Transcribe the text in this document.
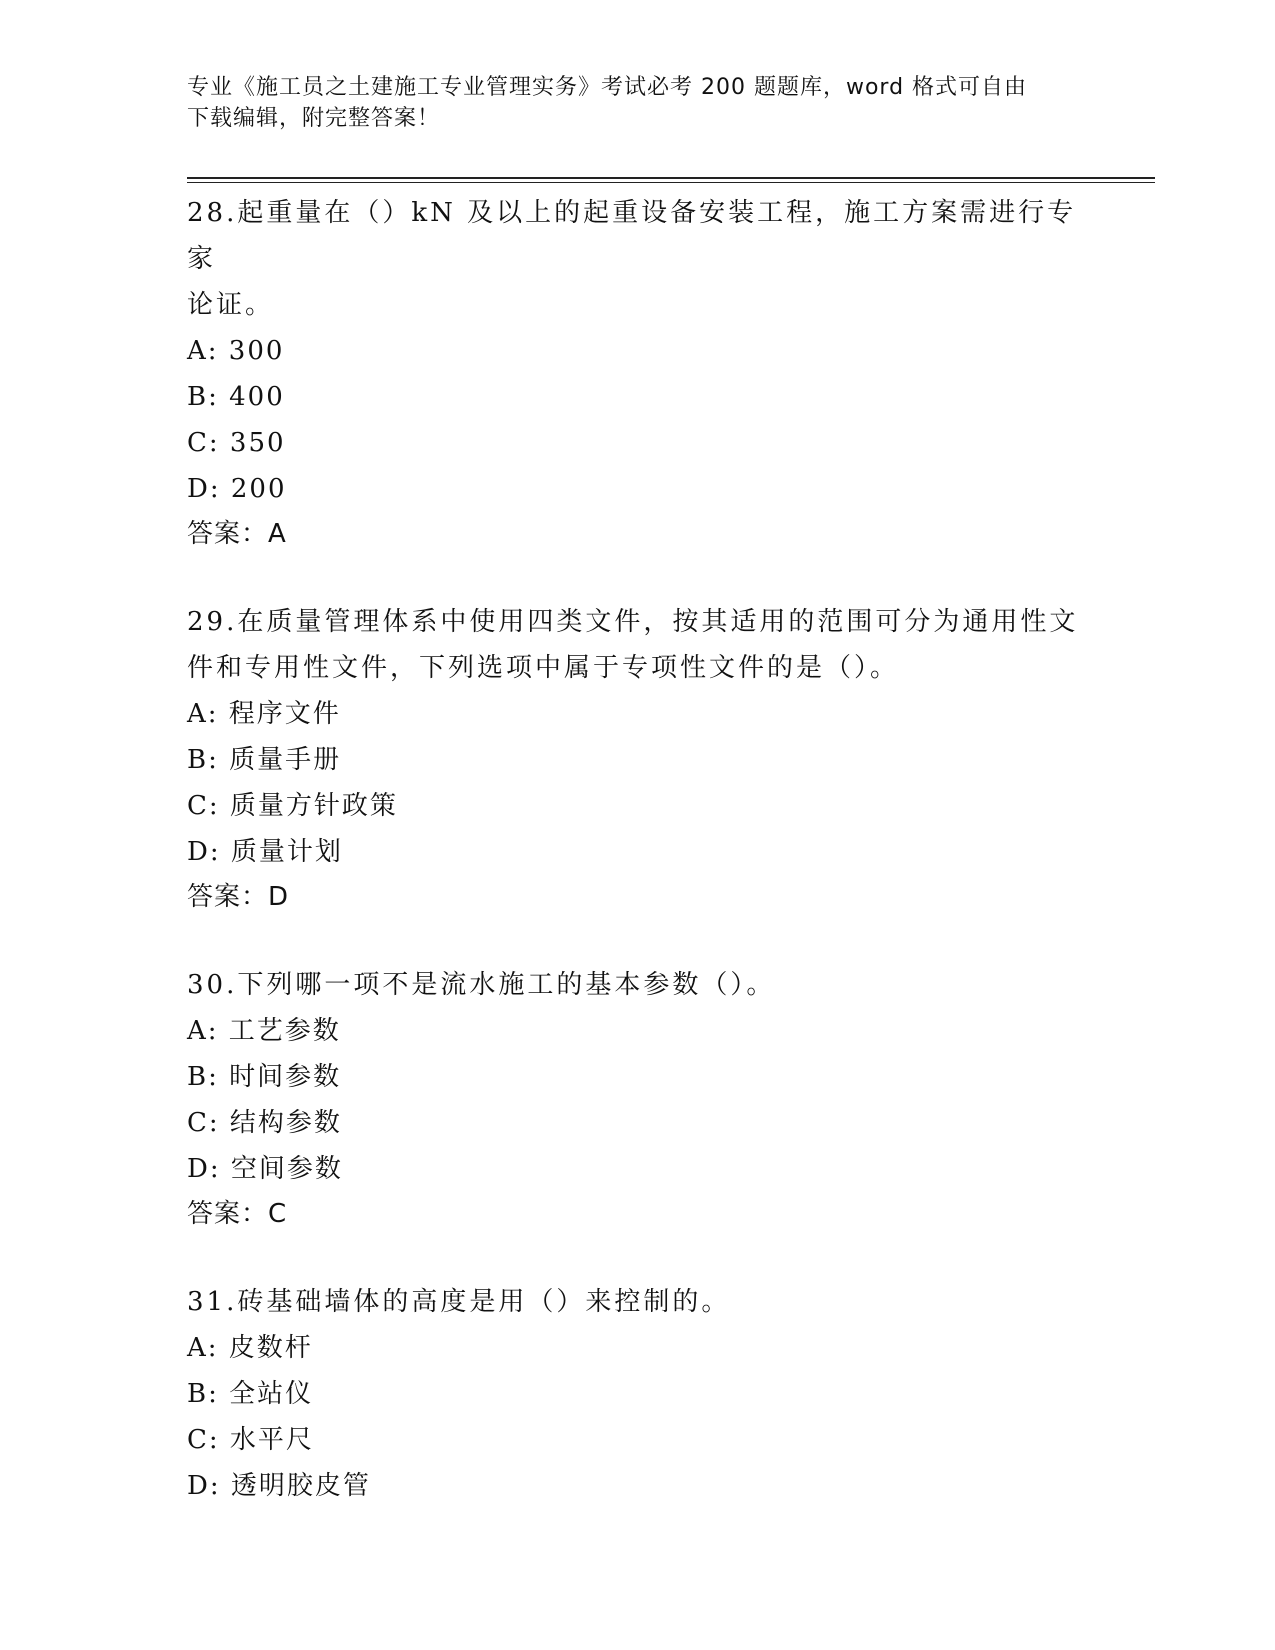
专业《施工员之土建施工专业管理实务》考试必考 200 题题库，word 格式可自由
下载编辑，附完整答案！
28.起重量在（）kN 及以上的起重设备安装工程，施工方案需进行专家
论证。
A: 300
B: 400
C: 350
D: 200
答案：A
29.在质量管理体系中使用四类文件，按其适用的范围可分为通用性文
件和专用性文件，下列选项中属于专项性文件的是（）。
A: 程序文件
B: 质量手册
C: 质量方针政策
D: 质量计划
答案：D
30.下列哪一项不是流水施工的基本参数（）。
A: 工艺参数
B: 时间参数
C: 结构参数
D: 空间参数
答案：C
31.砖基础墙体的高度是用（）来控制的。
A: 皮数杆
B: 全站仪
C: 水平尺
D: 透明胶皮管
